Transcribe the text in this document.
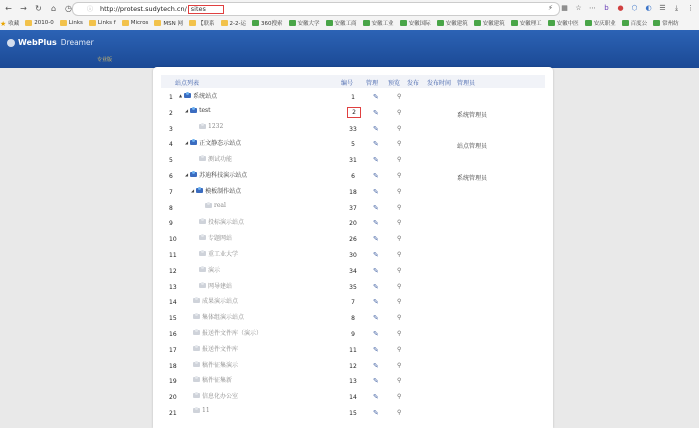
←	→	↻	⌂	◷	ⓘ http://protest.sudytech.cn/
sites	⚡ ▦ ☆ ⋯	b	● ⬡ ◐ ☰	⤓	⋮
★ 收藏	2010-0	Links	Links f	Micros	MSN 网	【联系	2-2-运	360搜索	安徽大学	安徽工商	安徽工业	安徽国际	安徽建筑	安徽建筑	安徽理工	安徽中医	安庆职业	百度公	常州纺
WebPlus Dreamer
专业版
站点列表	编号 管理 预览 发布 发布时间 管理员
1 ▲ 系统站点	1	✎	⚲
2	◢ test	2	✎	⚲	系统管理员
3	1232	33	✎	⚲
4	◢ 正文静态示站点	5	✎	⚲	站点管理员
5	测试功能	31	✎	⚲
6	◢ 苏迪科技演示站点	6	✎	⚲	系统管理员
7	◢ 模板制作站点	18	✎	⚲
8	real	37	✎	⚲
9	投标演示站点	20	✎	⚲
10	专题网站	26	✎	⚲
11	重工业大学	30	✎	⚲
12	演示	34	✎	⚲
13	网导建站	35	✎	⚲
14	成果演示站点	7	✎	⚲
15	集体组演示站点	8	✎	⚲
16	报送件文件库（演示）	9	✎	⚲
17	报送件文件库	11	✎	⚲
18	稿件征集演示	12	✎	⚲
19	稿件征集新	13	✎	⚲
20	信息化办公室	14	✎	⚲
21	11	15	✎	⚲
